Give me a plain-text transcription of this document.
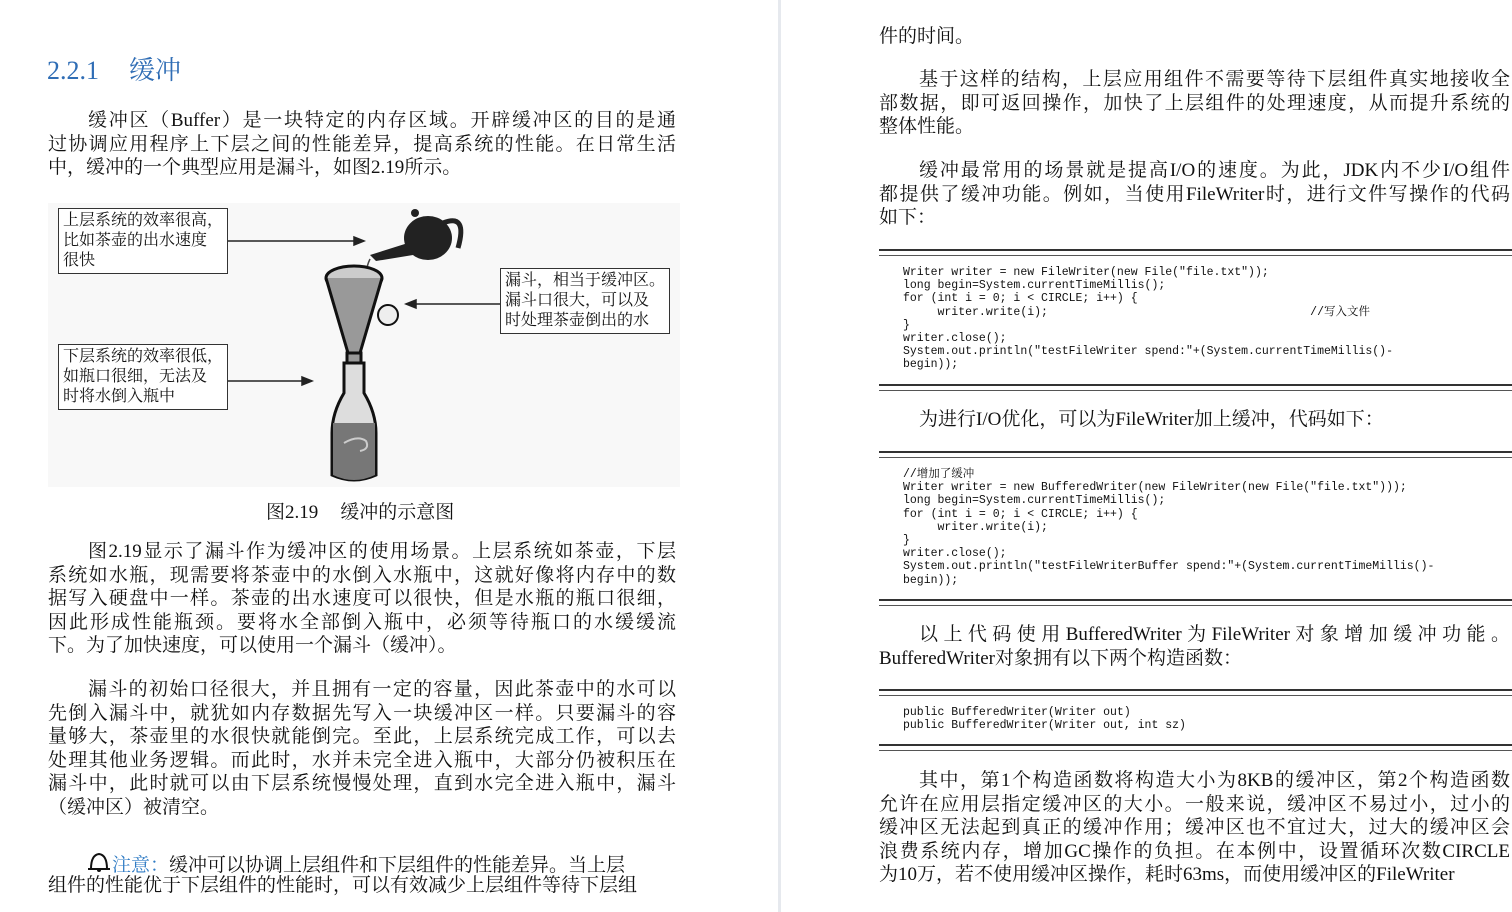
2.2.1 缓冲
缓冲区（Buffer）是一块特定的内存区域。开辟缓冲区的目的是通
过协调应用程序上下层之间的性能差异，提高系统的性能。在日常生活
中，缓冲的一个典型应用是漏斗，如图2.19所示。
上层系统的效率很高，
比如茶壶的出水速度
很快
漏斗，相当于缓冲区。
漏斗口很大，可以及
时处理茶壶倒出的水
下层系统的效率很低，
如瓶口很细，无法及
时将水倒入瓶中
图2.19 缓冲的示意图
图2.19显示了漏斗作为缓冲区的使用场景。上层系统如茶壶，下层
系统如水瓶，现需要将茶壶中的水倒入水瓶中，这就好像将内存中的数
据写入硬盘中一样。茶壶的出水速度可以很快，但是水瓶的瓶口很细，
因此形成性能瓶颈。要将水全部倒入瓶中，必须等待瓶口的水缓缓流
下。为了加快速度，可以使用一个漏斗（缓冲）。
漏斗的初始口径很大，并且拥有一定的容量，因此茶壶中的水可以
先倒入漏斗中，就犹如内存数据先写入一块缓冲区一样。只要漏斗的容
量够大，茶壶里的水很快就能倒完。至此，上层系统完成工作，可以去
处理其他业务逻辑。而此时，水并未完全进入瓶中，大部分仍被积压在
漏斗中，此时就可以由下层系统慢慢处理，直到水完全进入瓶中，漏斗
（缓冲区）被清空。
注意：缓冲可以协调上层组件和下层组件的性能差异。当上层
组件的性能优于下层组件的性能时，可以有效减少上层组件等待下层组
件的时间。
基于这样的结构，上层应用组件不需要等待下层组件真实地接收全
部数据，即可返回操作，加快了上层组件的处理速度，从而提升系统的
整体性能。
缓冲最常用的场景就是提高I/O的速度。为此，JDK内不少I/O组件
都提供了缓冲功能。例如，当使用FileWriter时，进行文件写操作的代码
如下：
Writer writer = new FileWriter(new File("file.txt"));
long begin=System.currentTimeMillis();
for (int i = 0; i < CIRCLE; i++) {
writer.write(i);                                      //写入文件
}
writer.close();
System.out.println("testFileWriter spend:"+(System.currentTimeMillis()-
begin));
为进行I/O优化，可以为FileWriter加上缓冲，代码如下：
//增加了缓冲
Writer writer = new BufferedWriter(new FileWriter(new File("file.txt")));
long begin=System.currentTimeMillis();
for (int i = 0; i < CIRCLE; i++) {
writer.write(i);
}
writer.close();
System.out.println("testFileWriterBuffer spend:"+(System.currentTimeMillis()-
begin));
以上代码使用BufferedWriter为FileWriter对象增加缓冲功能。
BufferedWriter对象拥有以下两个构造函数：
public BufferedWriter(Writer out)
public BufferedWriter(Writer out, int sz)
其中，第1个构造函数将构造大小为8KB的缓冲区，第2个构造函数
允许在应用层指定缓冲区的大小。一般来说，缓冲区不易过小，过小的
缓冲区无法起到真正的缓冲作用；缓冲区也不宜过大，过大的缓冲区会
浪费系统内存，增加GC操作的负担。在本例中，设置循环次数CIRCLE
为10万，若不使用缓冲区操作，耗时63ms，而使用缓冲区的FileWriter
